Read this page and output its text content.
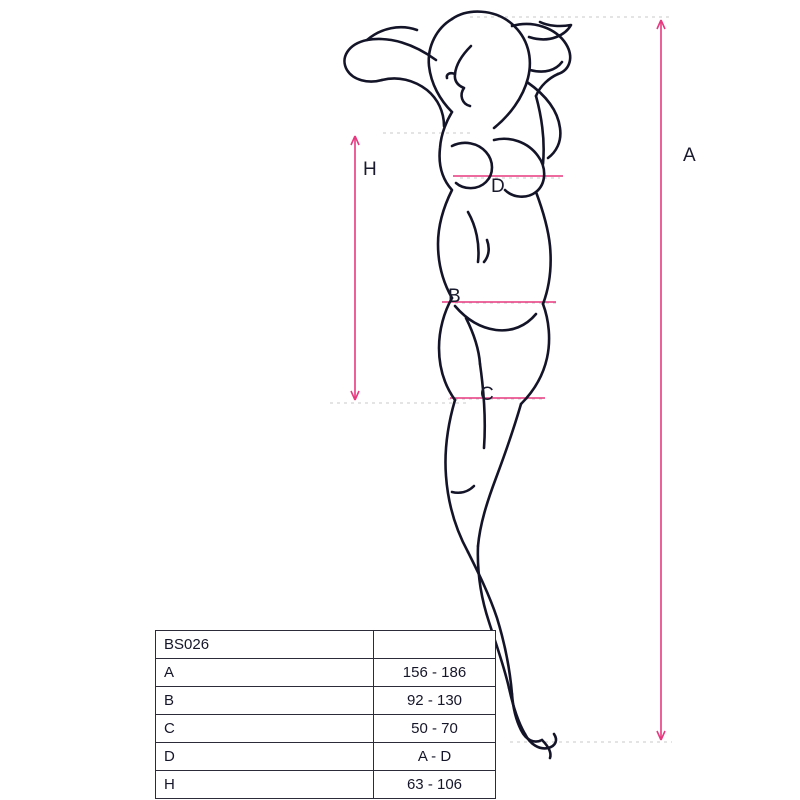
A
H
D
B
C
BS026	
A	156 - 186
B	92 - 130
C	50 - 70
D	A - D
H	63 - 106
